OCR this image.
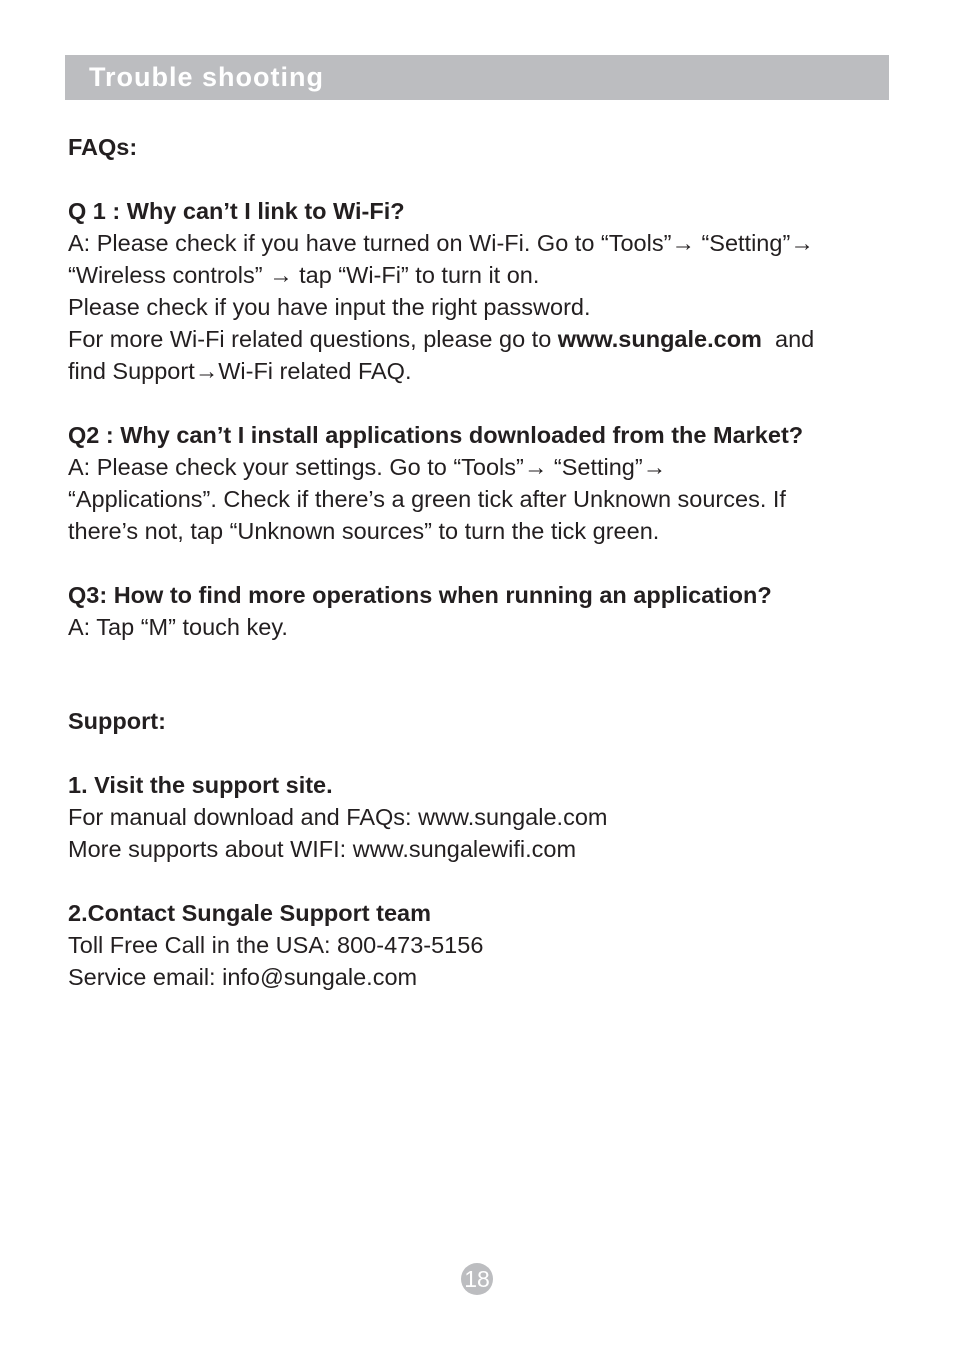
Trouble shooting
FAQs:
Q 1 : Why can’t I link to Wi-Fi?
A: Please check if you have turned on Wi-Fi. Go to “Tools”→ “Setting”→
“Wireless controls” → tap “Wi-Fi” to turn it on.
Please check if you have input the right password.
For more Wi-Fi related questions, please go to www.sungale.com  and
find Support→Wi-Fi related FAQ.
Q2 : Why can’t I install applications downloaded from the Market?
A: Please check your settings. Go to “Tools”→ “Setting”→
“Applications”. Check if there’s a green tick after Unknown sources. If
there’s not, tap “Unknown sources” to turn the tick green.
Q3: How to find more operations when running an application?
A: Tap “M” touch key.
Support:
1. Visit the support site.
For manual download and FAQs: www.sungale.com
More supports about WIFI: www.sungalewifi.com
2.Contact Sungale Support team
Toll Free Call in the USA: 800-473-5156
Service email: info@sungale.com
18
